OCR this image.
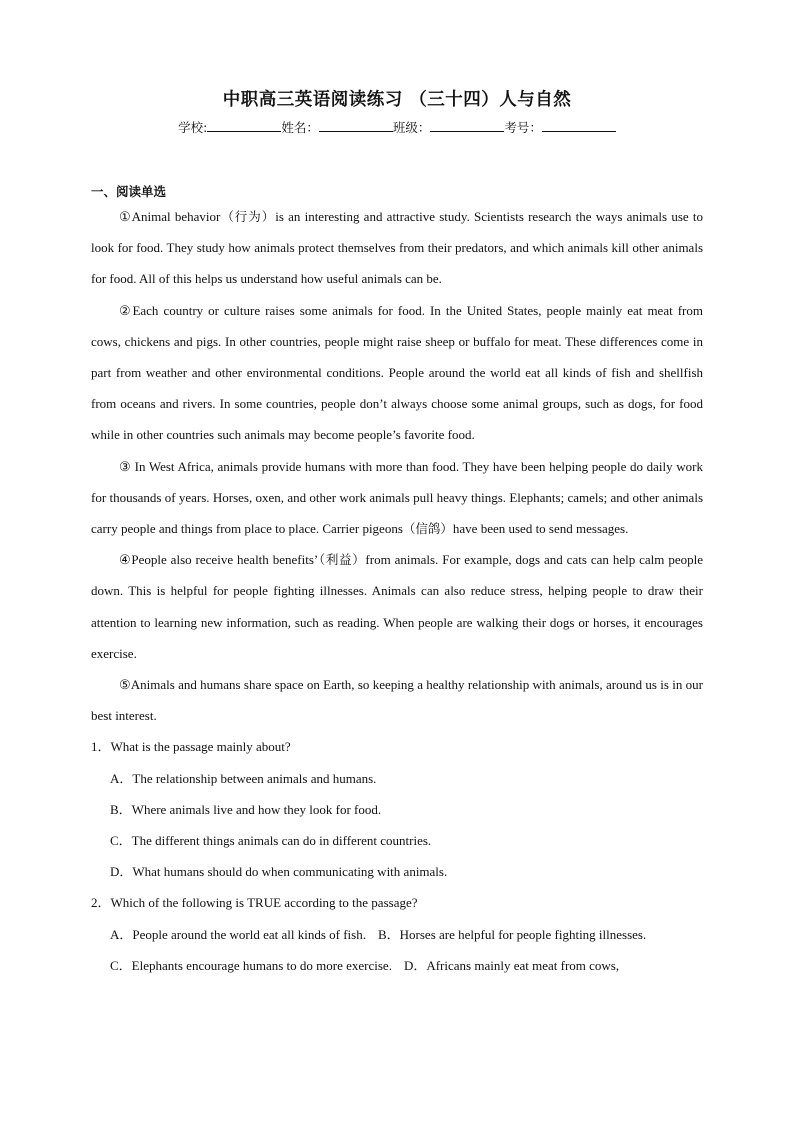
中职高三英语阅读练习 （三十四）人与自然
学校:	姓名：	班级：	考号：
一、阅读单选

①Animal behavior（行为）is an interesting and attractive study. Scientists research the ways animals use to look for food. They study how animals protect themselves from their predators, and which animals kill other animals for food. All of this helps us understand how useful animals can be.

②Each country or culture raises some animals for food. In the United States, people mainly eat meat from cows, chickens and pigs. In other countries, people might raise sheep or buffalo for meat. These differences come in part from weather and other environmental conditions. People around the world eat all kinds of fish and shellfish from oceans and rivers. In some countries, people don’t always choose some animal groups, such as dogs, for food while in other countries such animals may become people’s favorite food.

③ In West Africa, animals provide humans with more than food. They have been helping people do daily work for thousands of years. Horses, oxen, and other work animals pull heavy things. Elephants; camels; and other animals carry people and things from place to place. Carrier pigeons（信鸽）have been used to send messages.

④People also receive health benefits’（利益）from animals. For example, dogs and cats can help calm people down. This is helpful for people fighting illnesses. Animals can also reduce stress, helping people to draw their attention to learning new information, such as reading. When people are walking their dogs or horses, it encourages exercise.

⑤Animals and humans share space on Earth, so keeping a healthy relationship with animals, around us is in our best interest.

1．What is the passage mainly about?

A．The relationship between animals and humans.

B．Where animals live and how they look for food.

C．The different things animals can do in different countries.

D．What humans should do when communicating with animals.

2．Which of the following is TRUE according to the passage?

A．People around the world eat all kinds of fish. B．Horses are helpful for people fighting illnesses.

C．Elephants encourage humans to do more exercise. D．Africans mainly eat meat from cows,
